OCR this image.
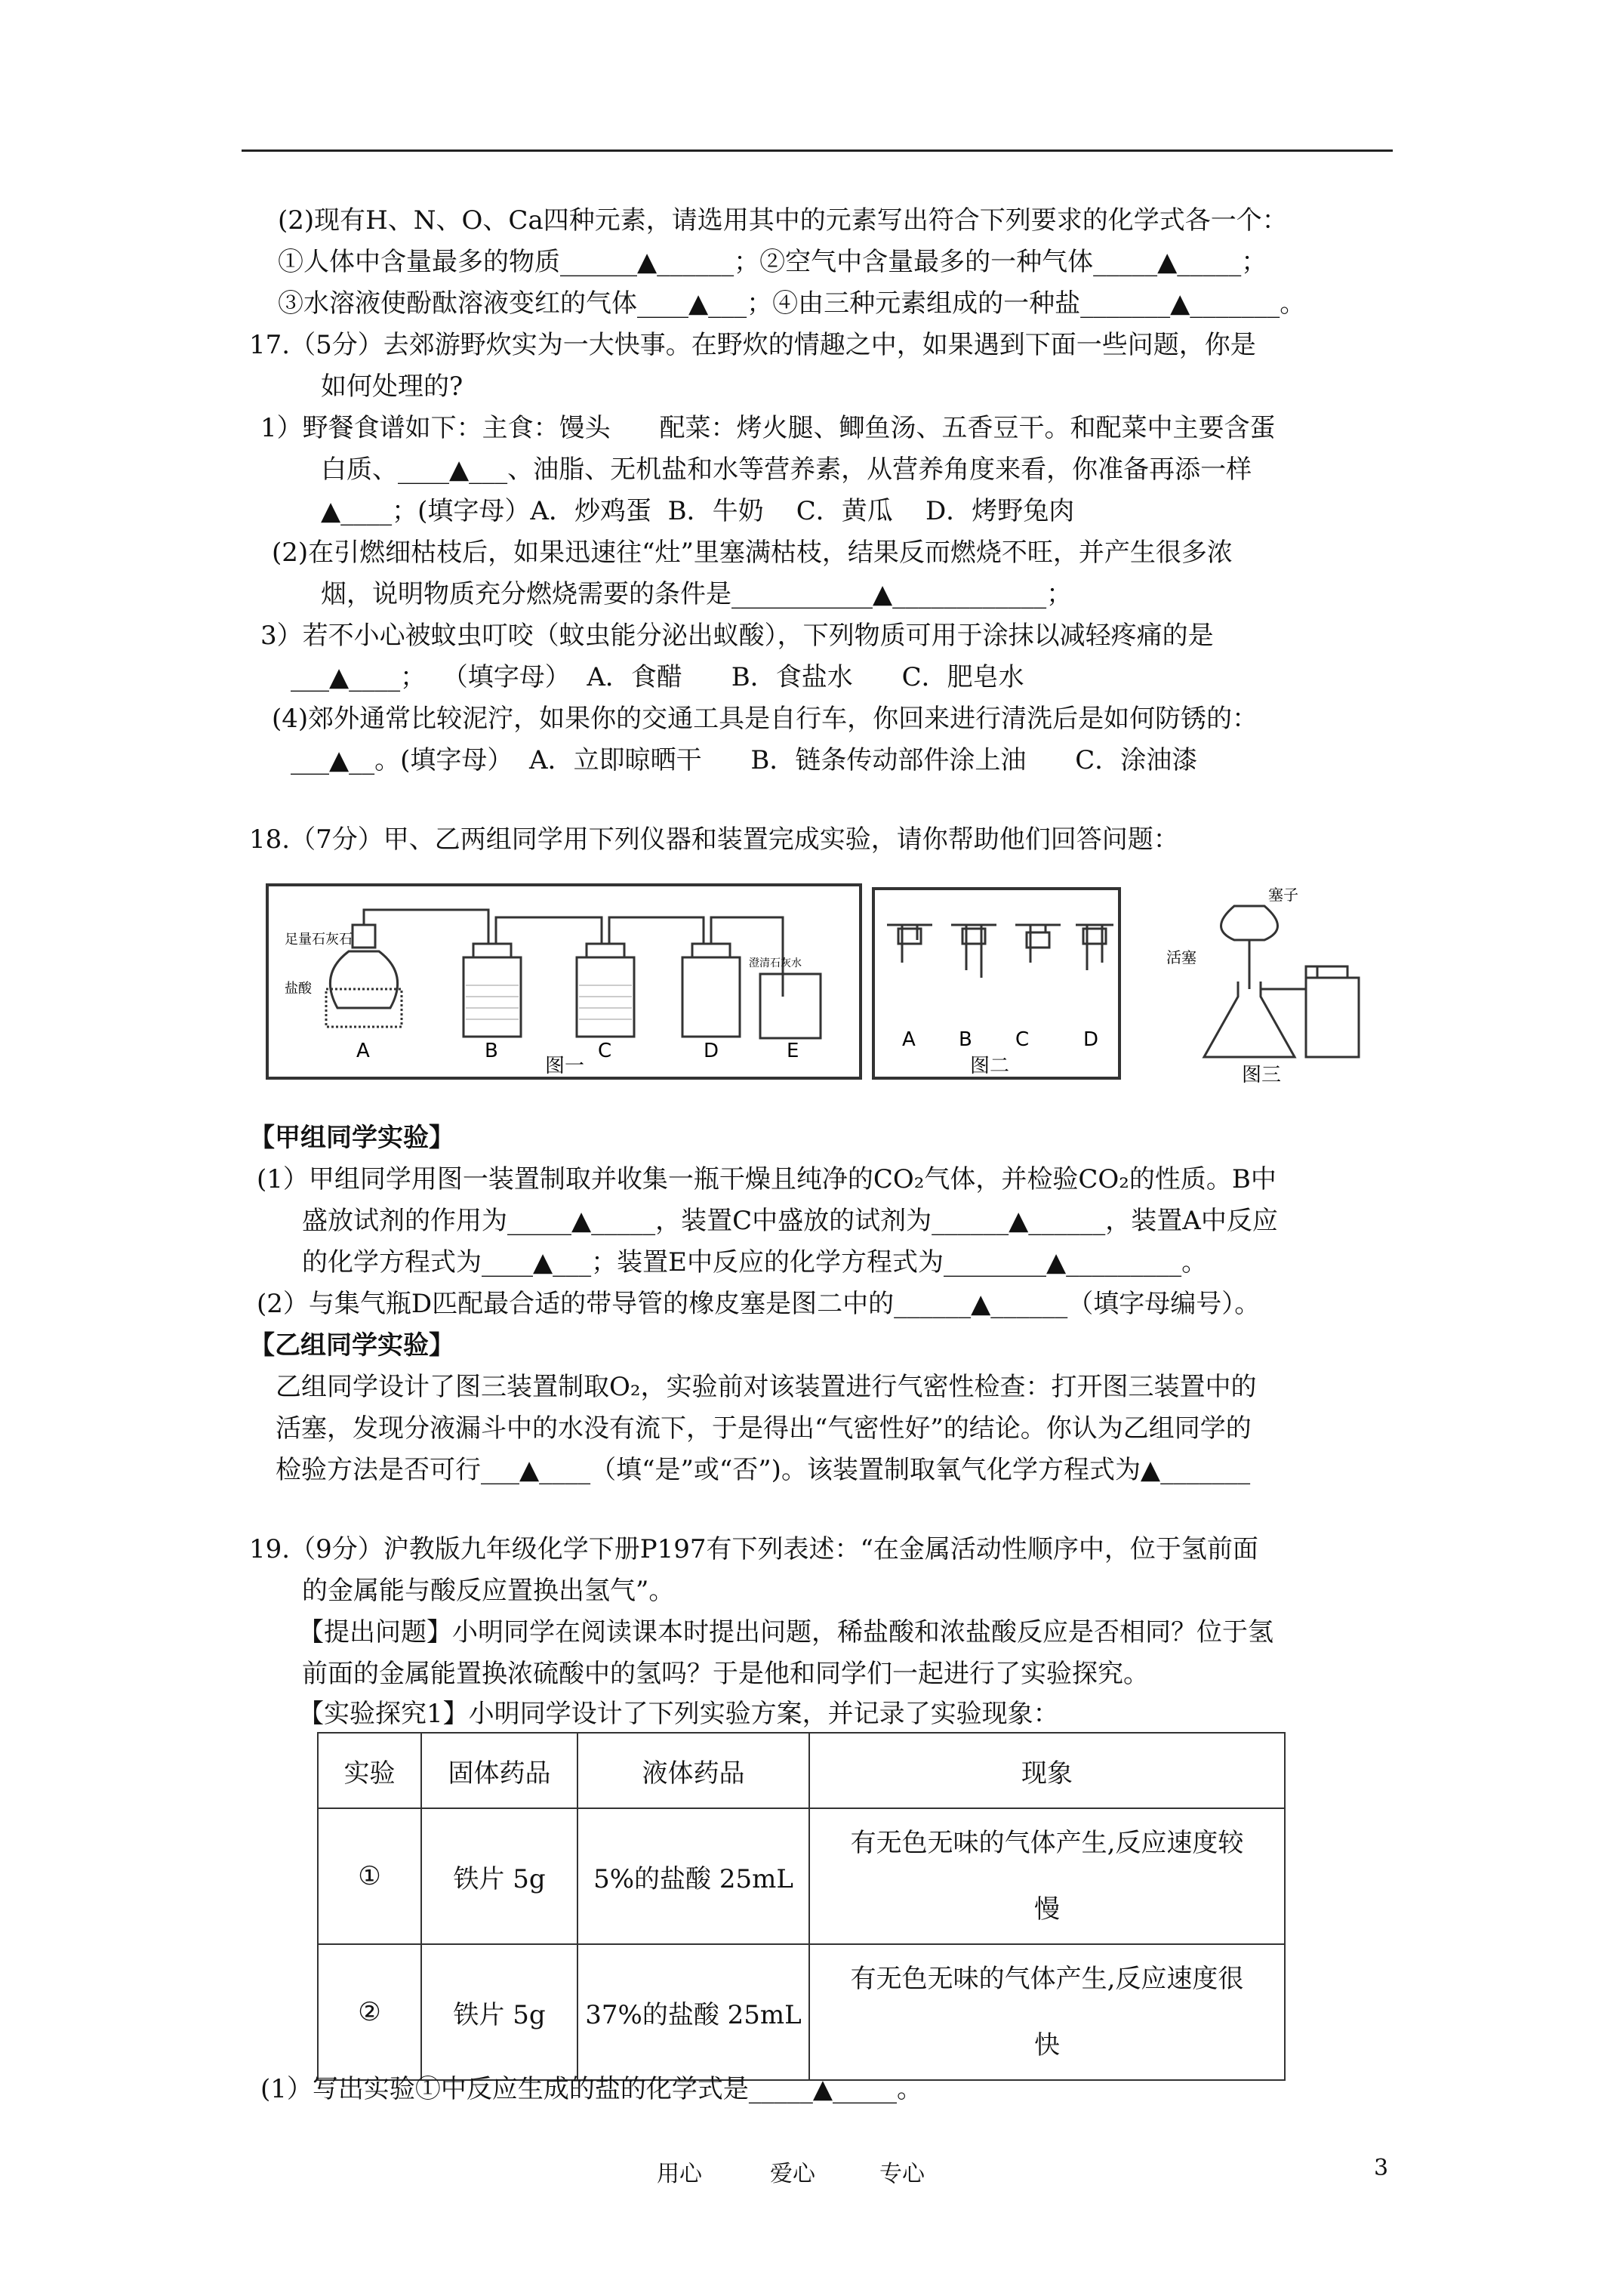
(2)现有H、N、O、Ca四种元素，请选用其中的元素写出符合下列要求的化学式各一个：
①人体中含量最多的物质______▲______；②空气中含量最多的一种气体_____▲_____；
③水溶液使酚酞溶液变红的气体____▲___；④由三种元素组成的一种盐_______▲_______。
17.（5分）去郊游野炊实为一大快事。在野炊的情趣之中，如果遇到下面一些问题，你是
如何处理的?
1）野餐食谱如下：主食：馒头      配菜：烤火腿、鲫鱼汤、五香豆干。和配菜中主要含蛋
白质、____▲___、油脂、无机盐和水等营养素，从营养角度来看，你准备再添一样
▲____；(填字母）A．炒鸡蛋  B．牛奶    C．黄瓜    D．烤野兔肉
(2)在引燃细枯枝后，如果迅速往“灶”里塞满枯枝，结果反而燃烧不旺，并产生很多浓
烟，说明物质充分燃烧需要的条件是___________▲____________；
3）若不小心被蚊虫叮咬（蚊虫能分泌出蚁酸），下列物质可用于涂抹以减轻疼痛的是
___▲____；  （填字母）  A．食醋      B．食盐水      C．肥皂水
(4)郊外通常比较泥泞，如果你的交通工具是自行车，你回来进行清洗后是如何防锈的：
___▲__。(填字母）  A．立即晾晒干      B．链条传动部件涂上油      C．涂油漆
18.（7分）甲、乙两组同学用下列仪器和装置完成实验，请你帮助他们回答问题：
足量石灰石
盐酸
澄清石灰水
A	B	C	D	E
图一
A B C	D
图二
塞子
活塞
图三
【甲组同学实验】
(1）甲组同学用图一装置制取并收集一瓶干燥且纯净的CO₂气体，并检验CO₂的性质。B中
盛放试剂的作用为_____▲_____，装置C中盛放的试剂为______▲______，装置A中反应
的化学方程式为____▲___；装置E中反应的化学方程式为________▲_________。
(2）与集气瓶D匹配最合适的带导管的橡皮塞是图二中的______▲______（填字母编号）。
【乙组同学实验】
乙组同学设计了图三装置制取O₂，实验前对该装置进行气密性检查：打开图三装置中的
活塞，发现分液漏斗中的水没有流下，于是得出“气密性好”的结论。你认为乙组同学的
检验方法是否可行___▲____（填“是”或“否”)。该装置制取氧气化学方程式为▲_______
19.（9分）沪教版九年级化学下册P197有下列表述：“在金属活动性顺序中，位于氢前面
的金属能与酸反应置换出氢气”。
【提出问题】小明同学在阅读课本时提出问题，稀盐酸和浓盐酸反应是否相同？位于氢
前面的金属能置换浓硫酸中的氢吗？于是他和同学们一起进行了实验探究。
【实验探究1】小明同学设计了下列实验方案，并记录了实验现象：
实验	固体药品	液体药品	现象
①	铁片 5g	5%的盐酸 25mL	有无色无味的气体产生,反应速度较
慢
②	铁片 5g	37%的盐酸 25mL	有无色无味的气体产生,反应速度很
快
(1）写出实验①中反应生成的盐的化学式是_____▲_____。
用心	爱心	专心	3
